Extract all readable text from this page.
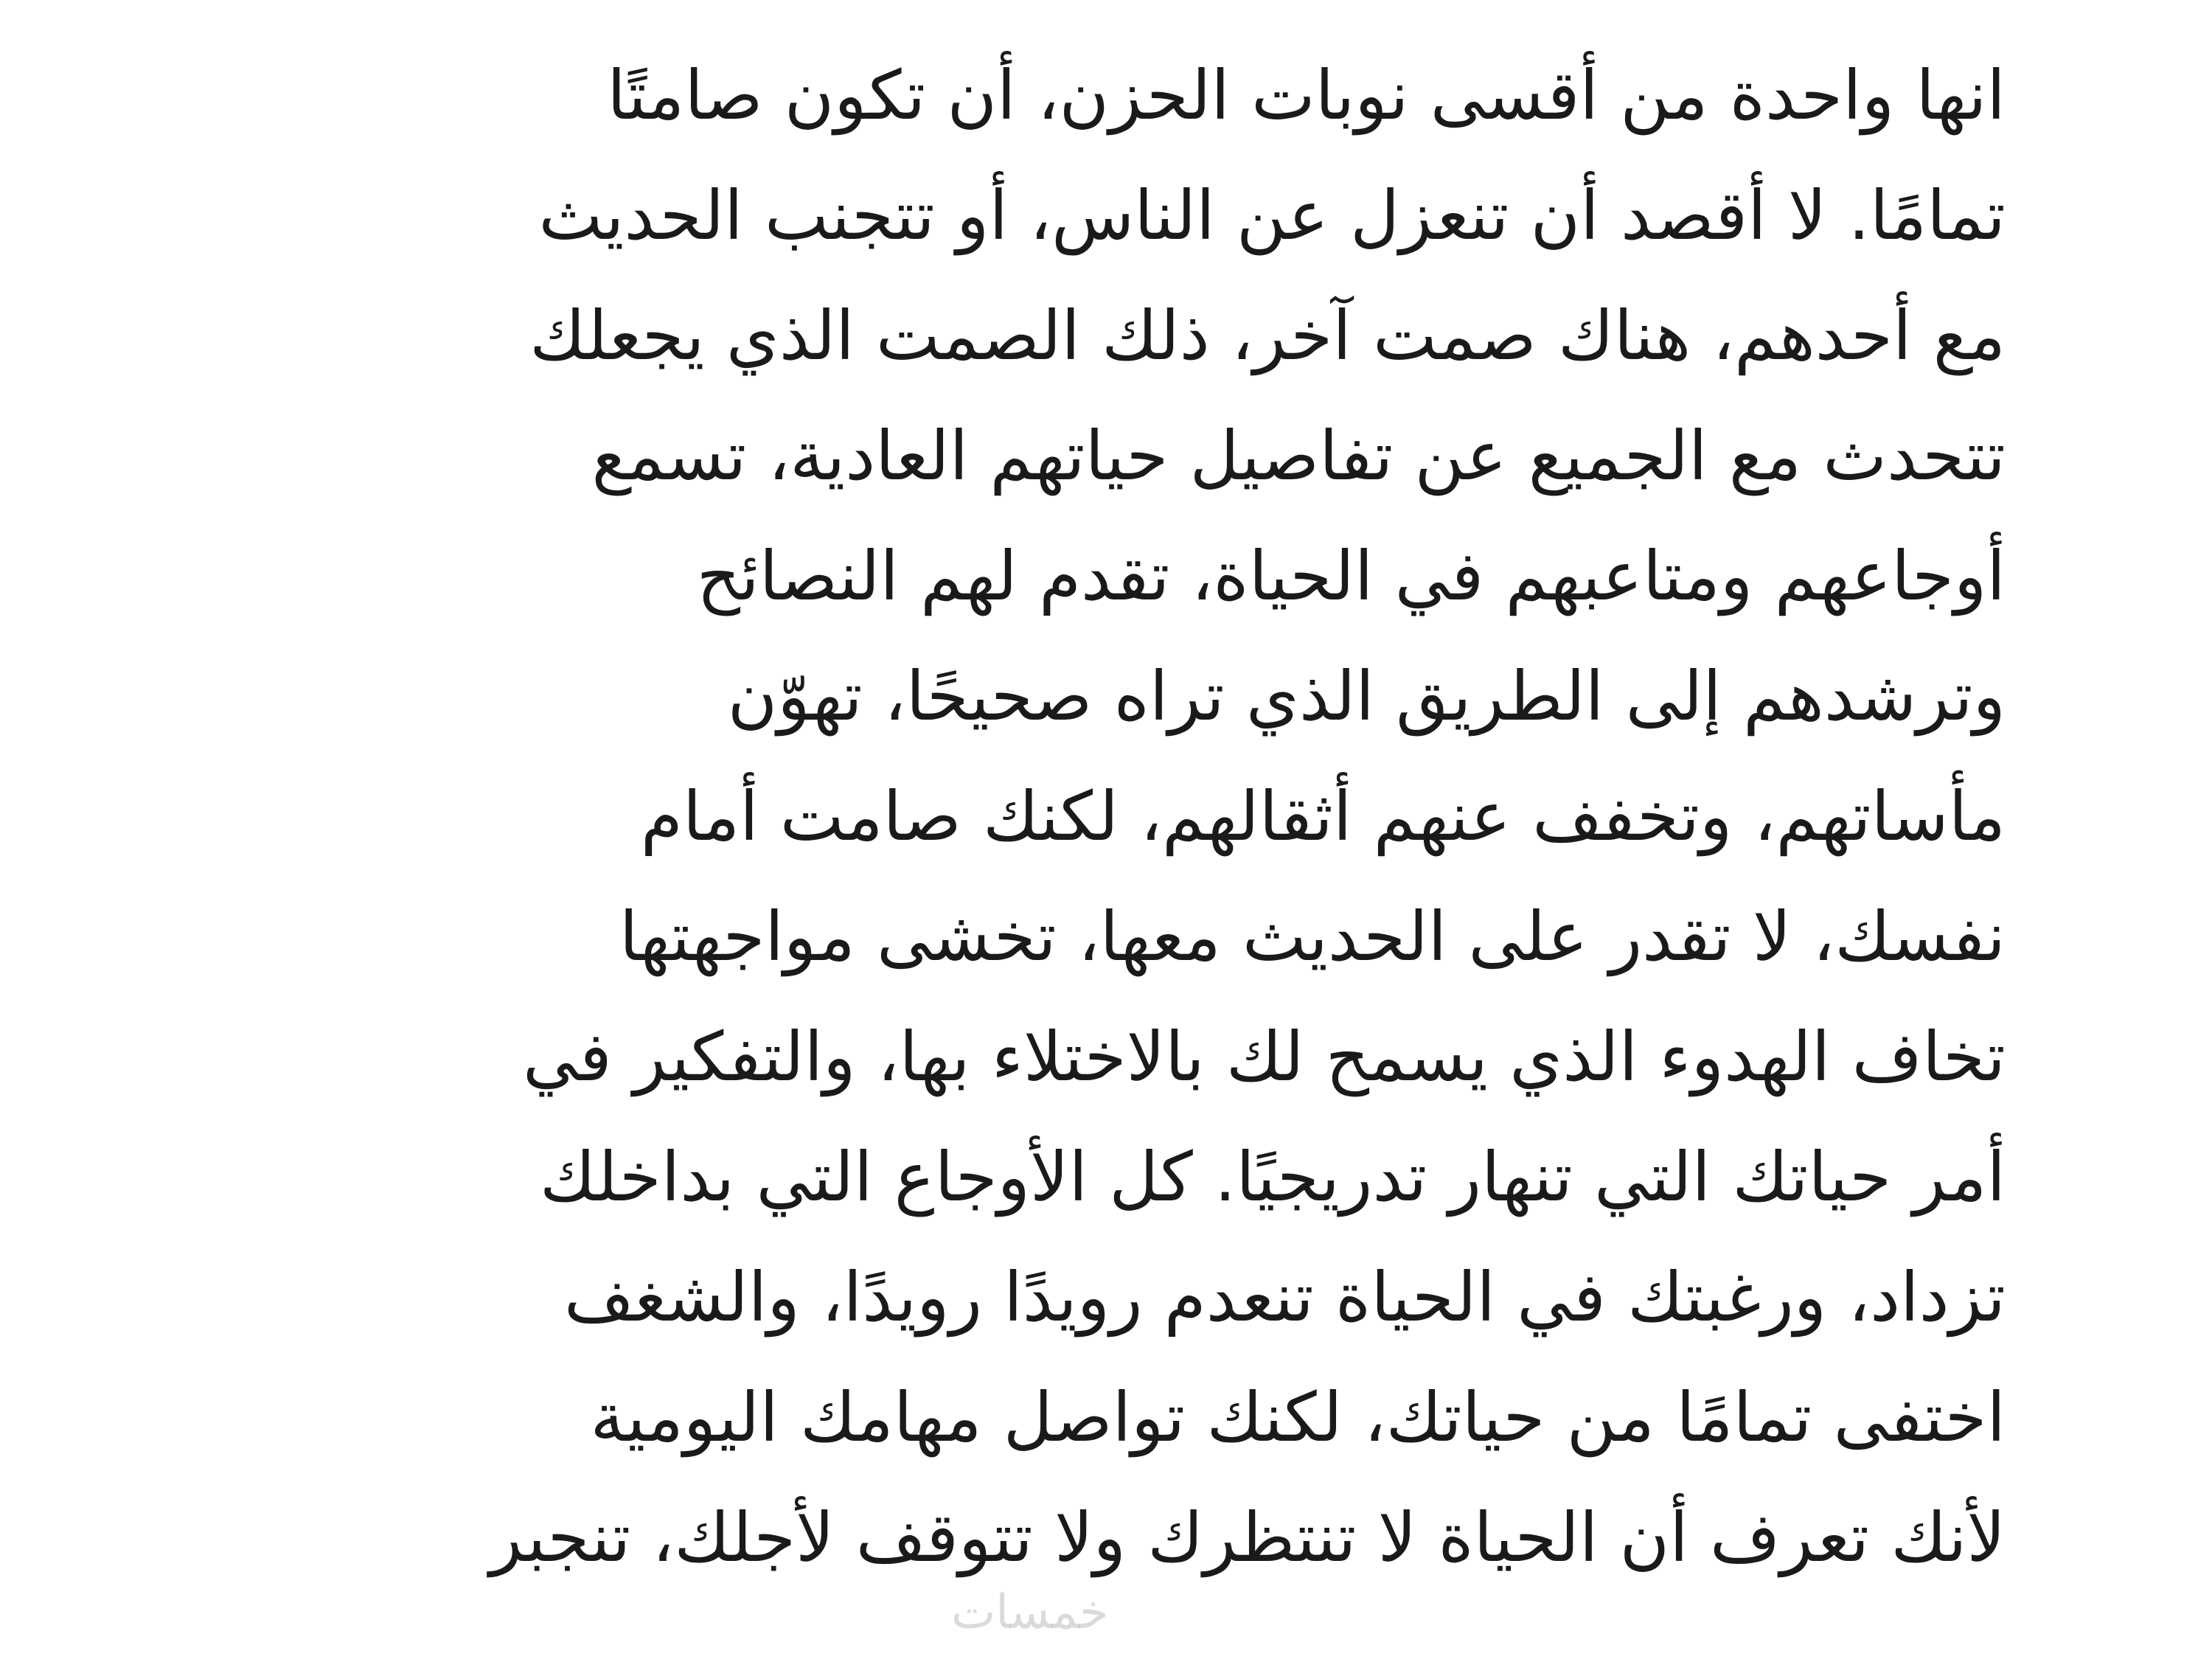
انها واحدة من أقسى نوبات الحزن، أن تكون صامتًا
تمامًا. لا أقصد أن تنعزل عن الناس، أو تتجنب الحديث
مع أحدهم، هناك صمت آخر، ذلك الصمت الذي يجعلك
تتحدث مع الجميع عن تفاصيل حياتهم العادية، تسمع
أوجاعهم ومتاعبهم في الحياة، تقدم لهم النصائح
وترشدهم إلى الطريق الذي تراه صحيحًا، تهوّن
مأساتهم، وتخفف عنهم أثقالهم، لكنك صامت أمام
نفسك، لا تقدر على الحديث معها، تخشى مواجهتها
تخاف الهدوء الذي يسمح لك بالاختلاء بها، والتفكير في
أمر حياتك التي تنهار تدريجيًا. كل الأوجاع التي بداخلك
تزداد، ورغبتك في الحياة تنعدم رويدًا رويدًا، والشغف
اختفى تمامًا من حياتك، لكنك تواصل مهامك اليومية
لأنك تعرف أن الحياة لا تنتظرك ولا تتوقف لأجلك، تنجبر
خمسات
